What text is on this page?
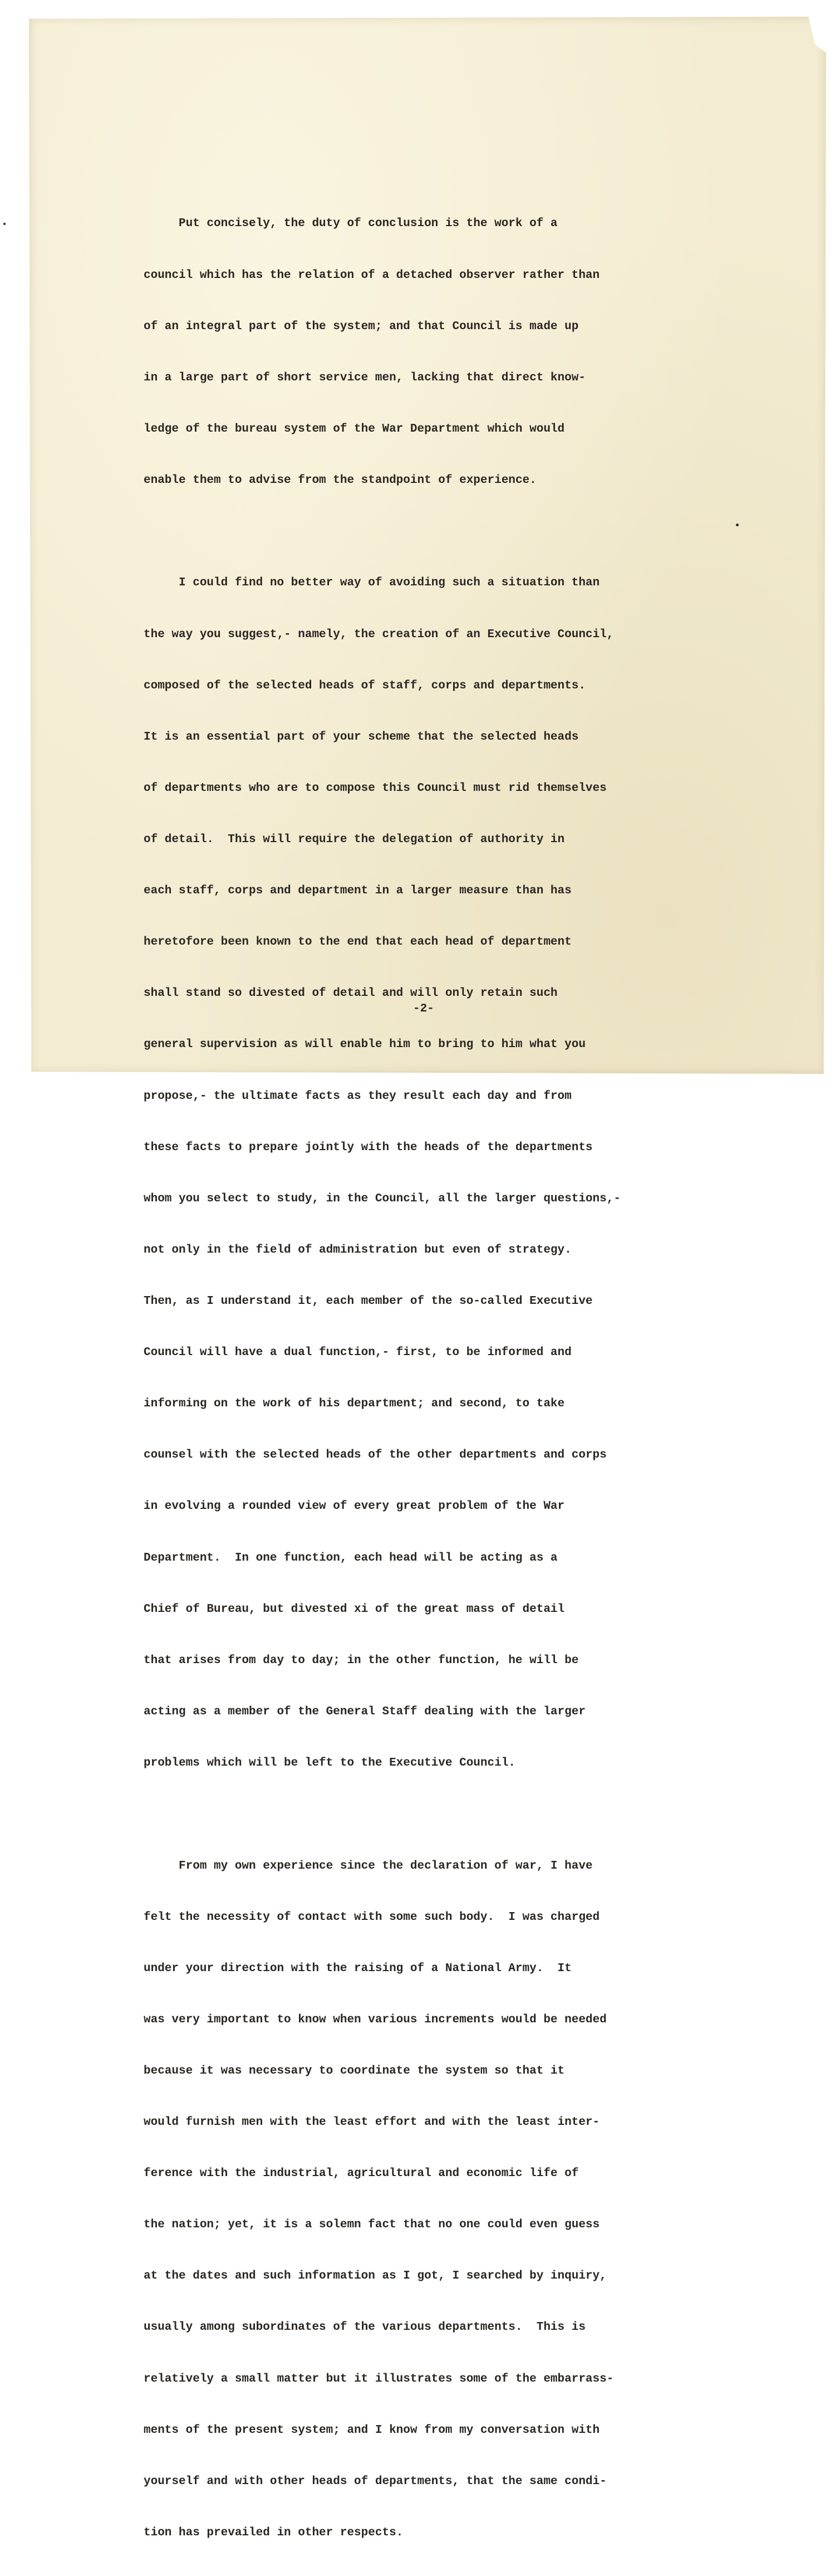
Put concisely, the duty of conclusion is the work of a

council which has the relation of a detached observer rather than

of an integral part of the system; and that Council is made up

in a large part of short service men, lacking that direct know-

ledge of the bureau system of the War Department which would

enable them to advise from the standpoint of experience.

I could find no better way of avoiding such a situation than

the way you suggest,- namely, the creation of an Executive Council,

composed of the selected heads of staff, corps and departments.

It is an essential part of your scheme that the selected heads

of departments who are to compose this Council must rid themselves

of detail.  This will require the delegation of authority in

each staff, corps and department in a larger measure than has

heretofore been known to the end that each head of department

shall stand so divested of detail and will only retain such

general supervision as will enable him to bring to him what you

propose,- the ultimate facts as they result each day and from

these facts to prepare jointly with the heads of the departments

whom you select to study, in the Council, all the larger questions,-

not only in the field of administration but even of strategy.

Then, as I understand it, each member of the so-called Executive

Council will have a dual function,- first, to be informed and

informing on the work of his department; and second, to take

counsel with the selected heads of the other departments and corps

in evolving a rounded view of every great problem of the War

Department.  In one function, each head will be acting as a

Chief of Bureau, but divested xi of the great mass of detail

that arises from day to day; in the other function, he will be

acting as a member of the General Staff dealing with the larger

problems which will be left to the Executive Council.

From my own experience since the declaration of war, I have

felt the necessity of contact with some such body.  I was charged

under your direction with the raising of a National Army.  It

was very important to know when various increments would be needed

because it was necessary to coordinate the system so that it

would furnish men with the least effort and with the least inter-

ference with the industrial, agricultural and economic life of

the nation; yet, it is a solemn fact that no one could even guess

at the dates and such information as I got, I searched by inquiry,

usually among subordinates of the various departments.  This is

relatively a small matter but it illustrates some of the embarrass-

ments of the present system; and I know from my conversation with

yourself and with other heads of departments, that the same condi-

tion has prevailed in other respects.

-2-
